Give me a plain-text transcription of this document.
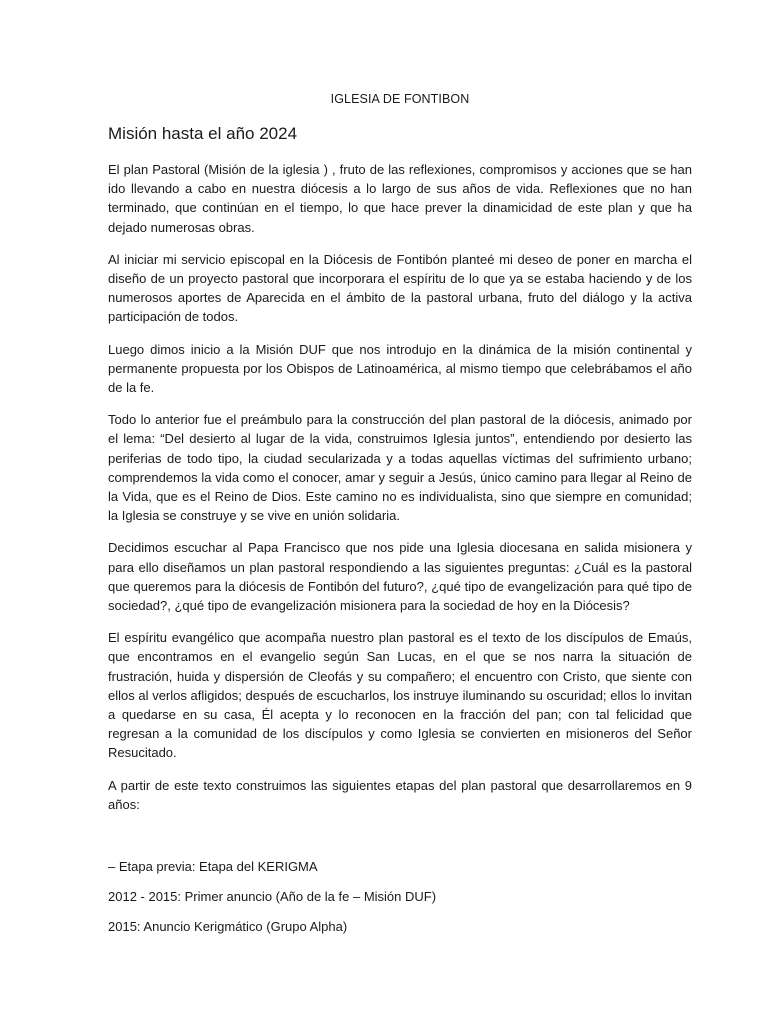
IGLESIA DE FONTIBON
Misión hasta el año 2024

El plan Pastoral (Misión de la iglesia ) , fruto de las reflexiones, compromisos y acciones que se han ido llevando a cabo en nuestra diócesis a lo largo de sus años de vida. Reflexiones que no han terminado, que continúan en el tiempo, lo que hace prever la dinamicidad de este plan y que ha dejado numerosas obras.

Al iniciar mi servicio episcopal en la Diócesis de Fontibón planteé mi deseo de poner en marcha el diseño de un proyecto pastoral que incorporara el espíritu de lo que ya se estaba haciendo y de los numerosos aportes de Aparecida en el ámbito de la pastoral urbana, fruto del diálogo y la activa participación de todos.

Luego dimos inicio a la Misión DUF que nos introdujo en la dinámica de la misión continental y permanente propuesta por los Obispos de Latinoamérica, al mismo tiempo que celebrábamos el año de la fe.

Todo lo anterior fue el preámbulo para la construcción del plan pastoral de la diócesis, animado por el lema: “Del desierto al lugar de la vida, construimos Iglesia juntos”, entendiendo por desierto las periferias de todo tipo, la ciudad secularizada y a todas aquellas víctimas del sufrimiento urbano; comprendemos la vida como el conocer, amar y seguir a Jesús, único camino para llegar al Reino de la Vida, que es el Reino de Dios. Este camino no es individualista, sino que siempre en comunidad; la Iglesia se construye y se vive en unión solidaria.

Decidimos escuchar al Papa Francisco que nos pide una Iglesia diocesana en salida misionera y para ello diseñamos un plan pastoral respondiendo a las siguientes preguntas: ¿Cuál es la pastoral que queremos para la diócesis de Fontibón del futuro?, ¿qué tipo de evangelización para qué tipo de sociedad?, ¿qué tipo de evangelización misionera para la sociedad de hoy en la Diócesis?

El espíritu evangélico que acompaña nuestro plan pastoral es el texto de los discípulos de Emaús, que encontramos en el evangelio según San Lucas, en el que se nos narra la situación de frustración, huida y dispersión de Cleofás y su compañero; el encuentro con Cristo, que siente con ellos al verlos afligidos; después de escucharlos, los instruye iluminando su oscuridad; ellos lo invitan a quedarse en su casa, Él acepta y lo reconocen en la fracción del pan; con tal felicidad que regresan a la comunidad de los discípulos y como Iglesia se convierten en misioneros del Señor Resucitado.

A partir de este texto construimos las siguientes etapas del plan pastoral que desarrollaremos en 9 años:

– Etapa previa: Etapa del KERIGMA
2012 - 2015: Primer anuncio (Año de la fe – Misión DUF)
2015: Anuncio Kerigmático (Grupo Alpha)
